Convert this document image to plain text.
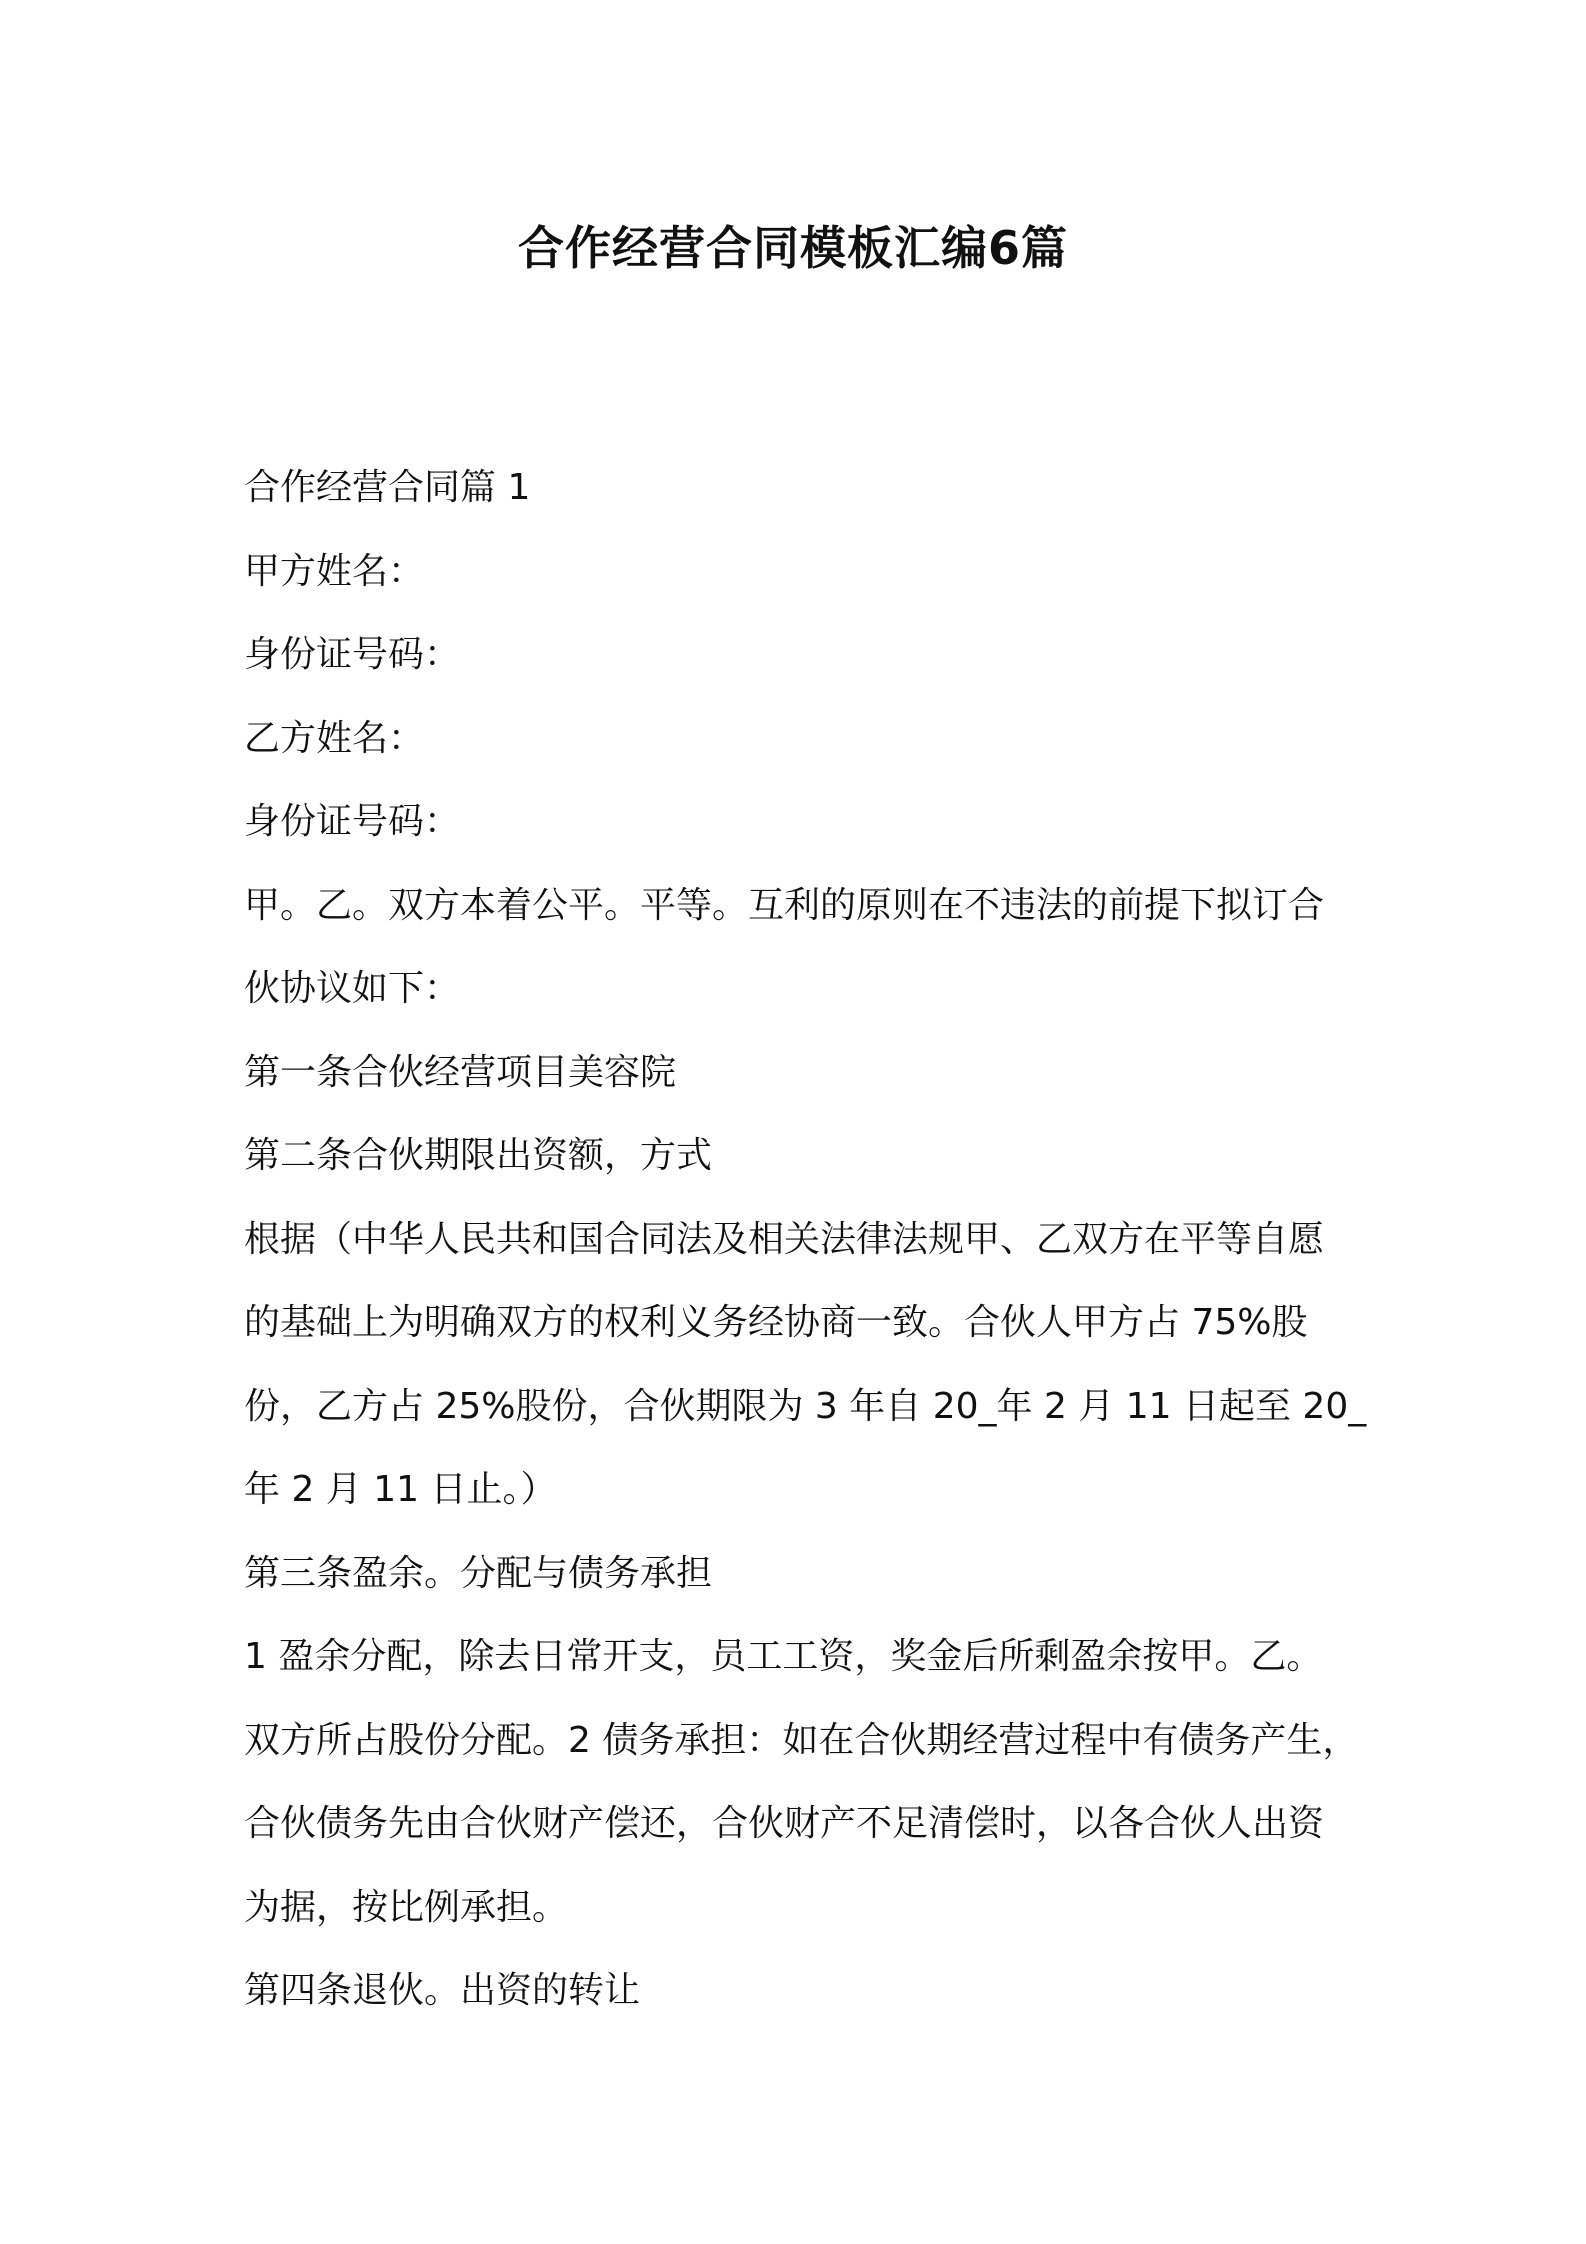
合作经营合同模板汇编6篇
合作经营合同篇 1
甲方姓名：
身份证号码：
乙方姓名：
身份证号码：
甲。乙。双方本着公平。平等。互利的原则在不违法的前提下拟订合
伙协议如下：
第一条合伙经营项目美容院
第二条合伙期限出资额，方式
根据（中华人民共和国合同法及相关法律法规甲、乙双方在平等自愿
的基础上为明确双方的权利义务经协商一致。合伙人甲方占 75%股
份，乙方占 25%股份，合伙期限为 3 年自 20_年 2 月 11 日起至 20_
年 2 月 11 日止。）
第三条盈余。分配与债务承担
1 盈余分配，除去日常开支，员工工资，奖金后所剩盈余按甲。乙。
双方所占股份分配。2 债务承担：如在合伙期经营过程中有债务产生，
合伙债务先由合伙财产偿还，合伙财产不足清偿时，以各合伙人出资
为据，按比例承担。
第四条退伙。出资的转让
